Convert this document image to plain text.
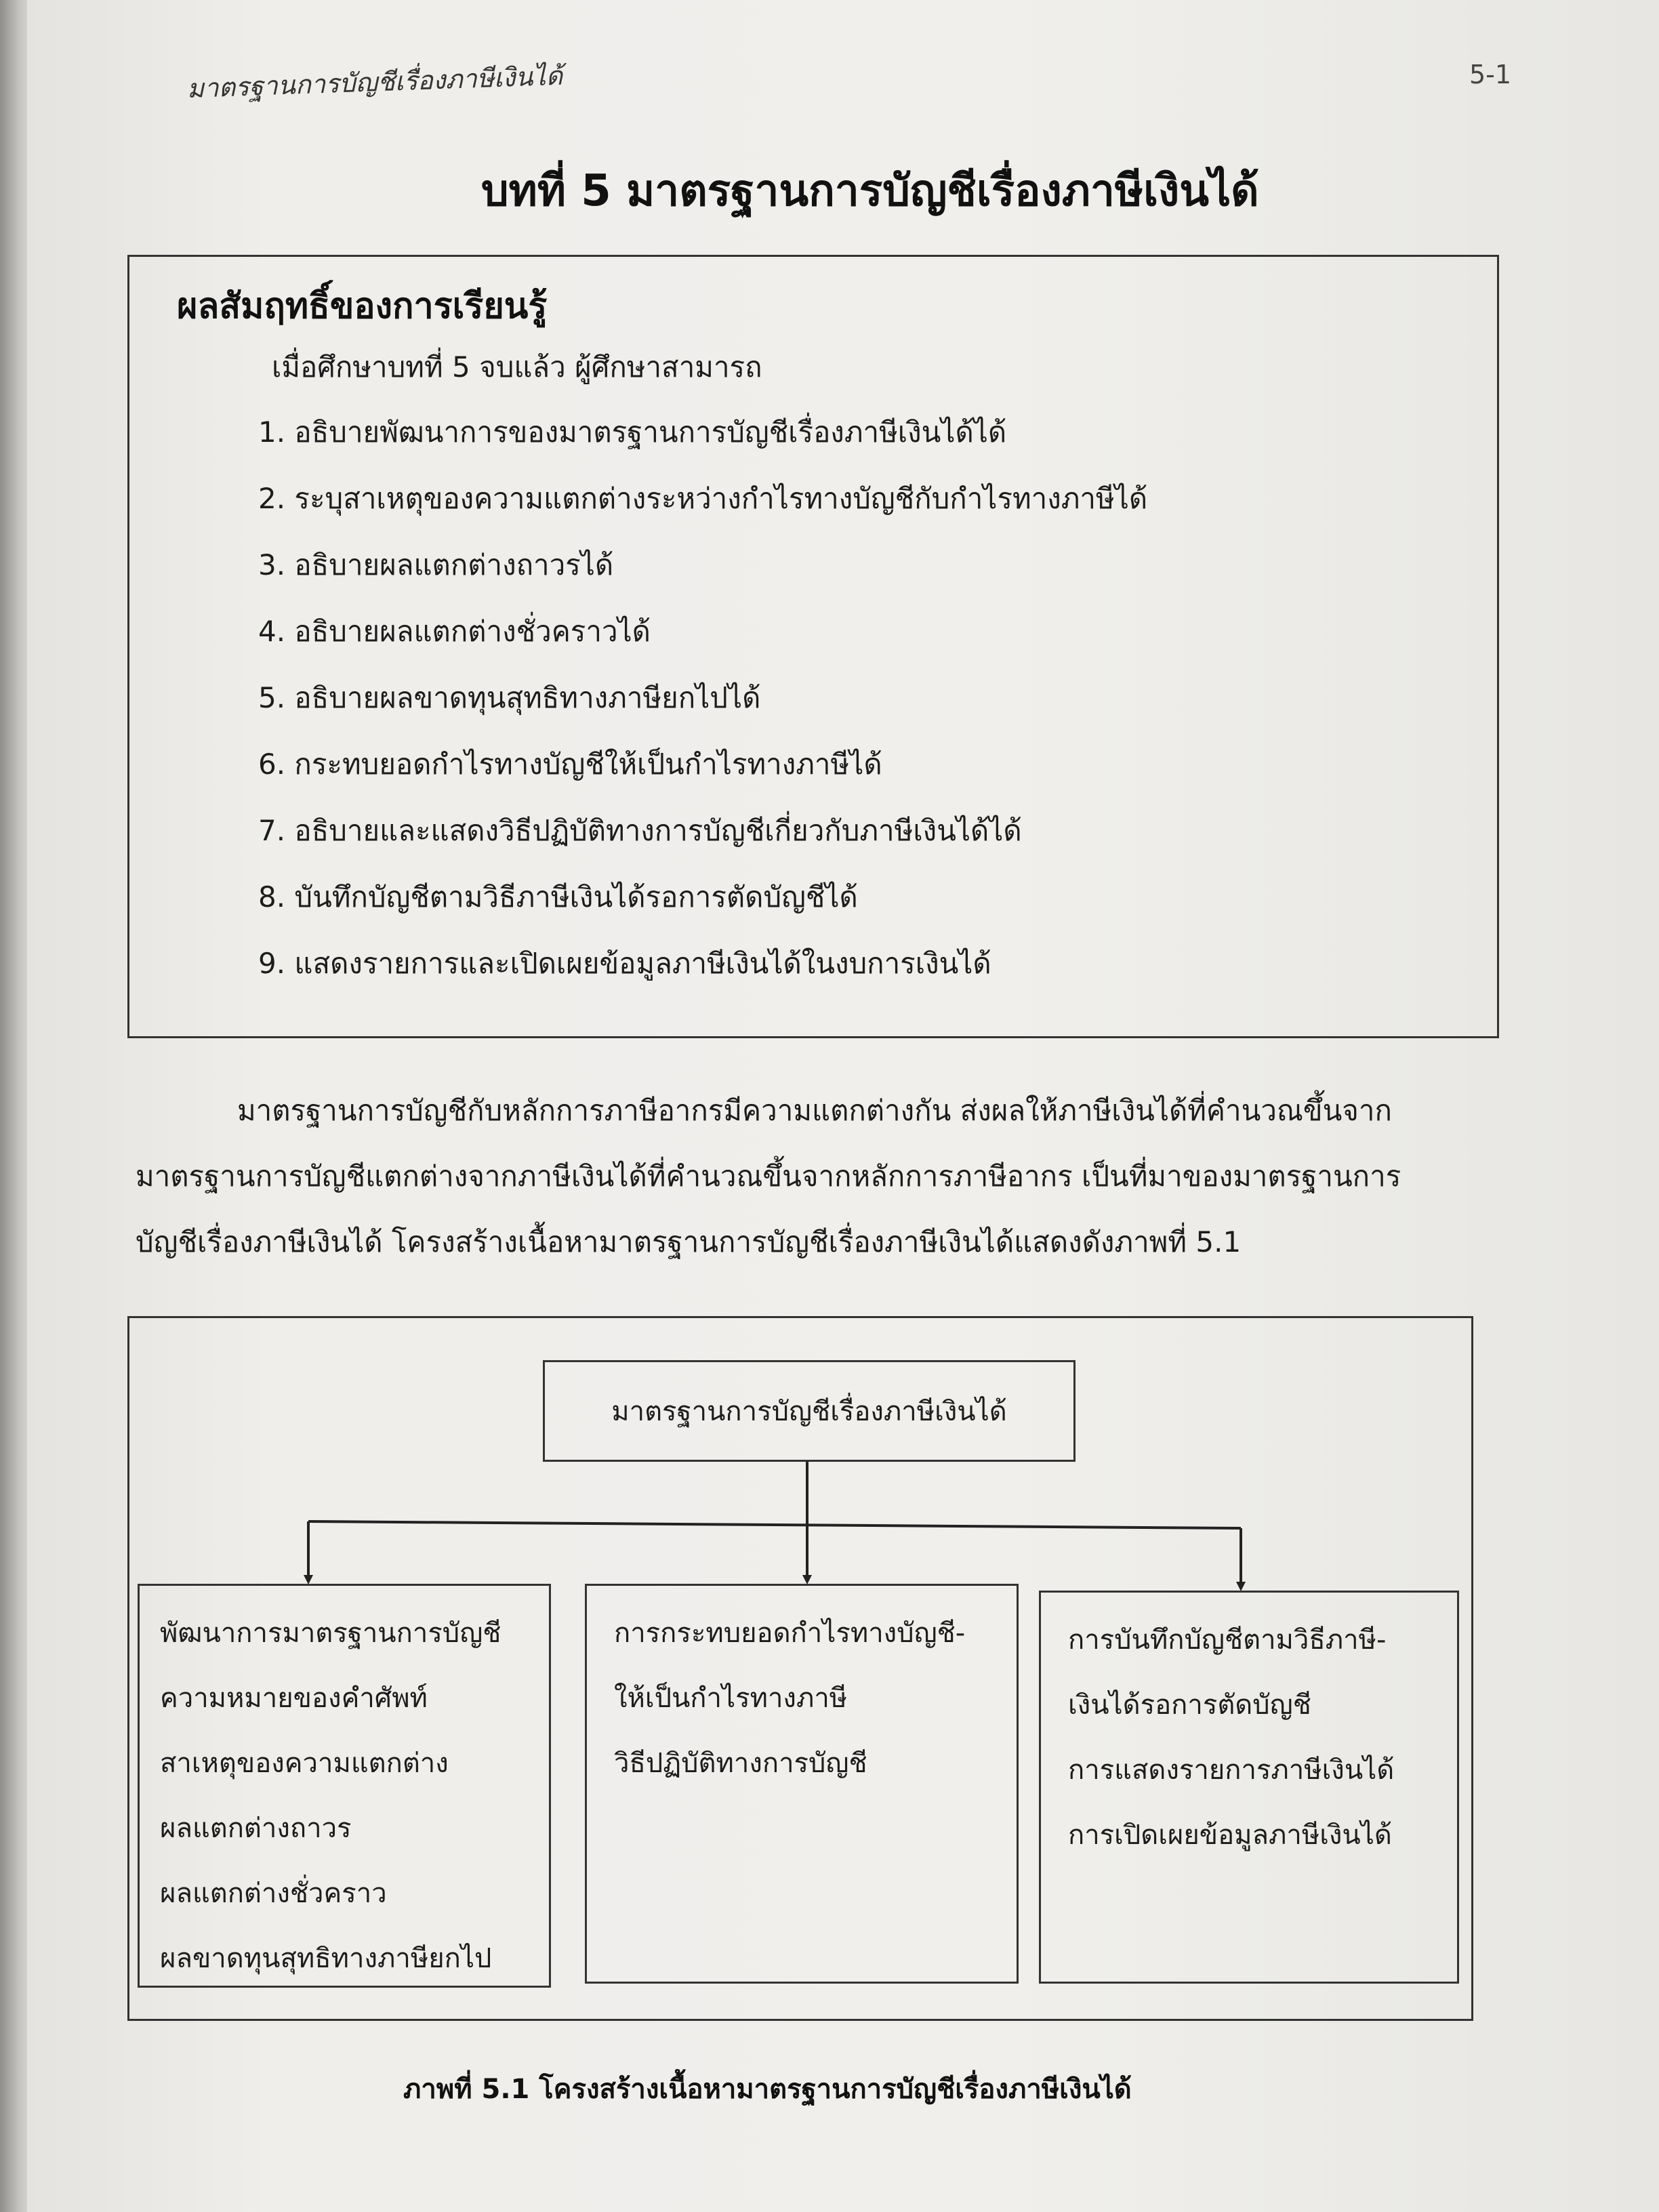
มาตรฐานการบัญชีเรื่องภาษีเงินได้	5-1
บทที่ 5 มาตรฐานการบัญชีเรื่องภาษีเงินได้
ผลสัมฤทธิ์ของการเรียนรู้
เมื่อศึกษาบทที่ 5 จบแล้ว ผู้ศึกษาสามารถ
1. อธิบายพัฒนาการของมาตรฐานการบัญชีเรื่องภาษีเงินได้ได้
2. ระบุสาเหตุของความแตกต่างระหว่างกำไรทางบัญชีกับกำไรทางภาษีได้
3. อธิบายผลแตกต่างถาวรได้
4. อธิบายผลแตกต่างชั่วคราวได้
5. อธิบายผลขาดทุนสุทธิทางภาษียกไปได้
6. กระทบยอดกำไรทางบัญชีให้เป็นกำไรทางภาษีได้
7. อธิบายและแสดงวิธีปฏิบัติทางการบัญชีเกี่ยวกับภาษีเงินได้ได้
8. บันทึกบัญชีตามวิธีภาษีเงินได้รอการตัดบัญชีได้
9. แสดงรายการและเปิดเผยข้อมูลภาษีเงินได้ในงบการเงินได้
มาตรฐานการบัญชีกับหลักการภาษีอากรมีความแตกต่างกัน ส่งผลให้ภาษีเงินได้ที่คำนวณขึ้นจาก
มาตรฐานการบัญชีแตกต่างจากภาษีเงินได้ที่คำนวณขึ้นจากหลักการภาษีอากร เป็นที่มาของมาตรฐานการ
บัญชีเรื่องภาษีเงินได้ โครงสร้างเนื้อหามาตรฐานการบัญชีเรื่องภาษีเงินได้แสดงดังภาพที่ 5.1
มาตรฐานการบัญชีเรื่องภาษีเงินได้
พัฒนาการมาตรฐานการบัญชี
ความหมายของคำศัพท์
สาเหตุของความแตกต่าง
ผลแตกต่างถาวร
ผลแตกต่างชั่วคราว
ผลขาดทุนสุทธิทางภาษียกไป
การกระทบยอดกำไรทางบัญชี-
ให้เป็นกำไรทางภาษี
วิธีปฏิบัติทางการบัญชี
การบันทึกบัญชีตามวิธีภาษี-
เงินได้รอการตัดบัญชี
การแสดงรายการภาษีเงินได้
การเปิดเผยข้อมูลภาษีเงินได้
ภาพที่ 5.1 โครงสร้างเนื้อหามาตรฐานการบัญชีเรื่องภาษีเงินได้
